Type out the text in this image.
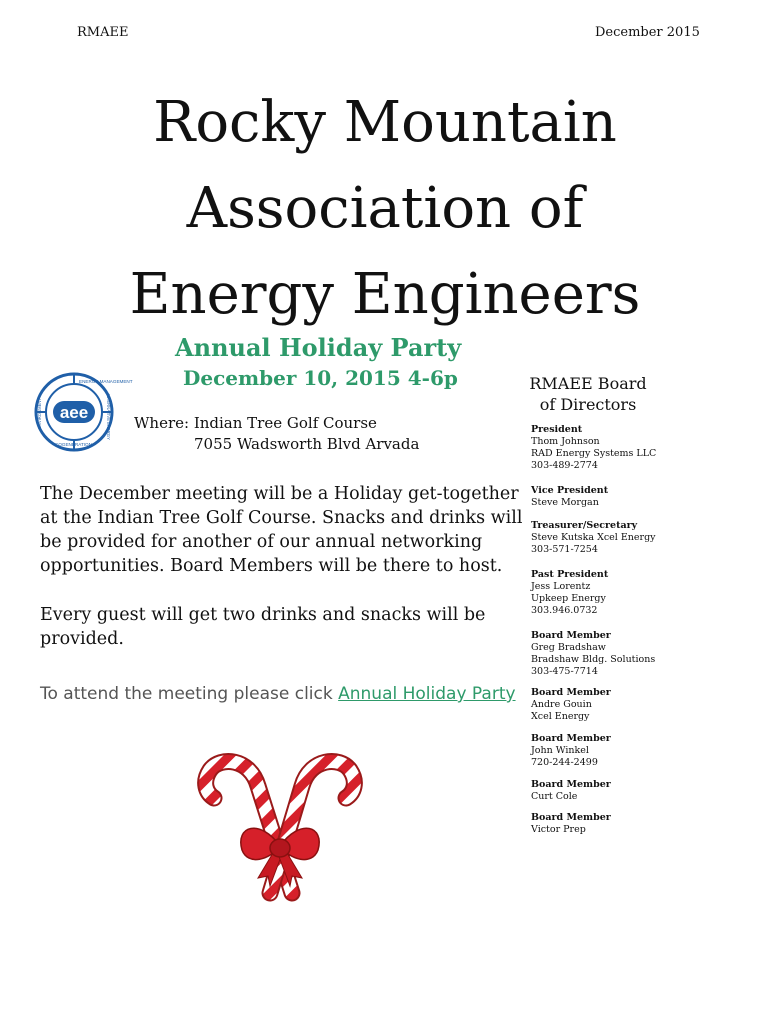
RMAEE	December 2015
Rocky Mountain
Association of
Energy Engineers
ENERGY MANAGEMENT
COGENERATION
ENVIRONMENT	ALTERNATIVE ENERGY
aee
Annual Holiday Party
December 10, 2015 4-6p
Where: Indian Tree Golf Course
7055 Wadsworth Blvd Arvada
The December meeting will be a Holiday get-together at the Indian Tree Golf Course. Snacks and drinks will be provided for another of our annual networking opportunities. Board Members will be there to host.
Every guest will get two drinks and snacks will be provided.
To attend the meeting please click Annual Holiday Party
RMAEE Board
of Directors
President
Thom Johnson
RAD Energy Systems LLC
303-489-2774
Vice President
Steve Morgan
Treasurer/Secretary
Steve Kutska Xcel Energy
303-571-7254
Past President
Jess Lorentz
Upkeep Energy
303.946.0732
Board Member
Greg Bradshaw
Bradshaw Bldg. Solutions
303-475-7714
Board Member
Andre Gouin
Xcel Energy
Board Member
John Winkel
720-244-2499
Board Member
Curt Cole
Board Member
Victor Prep
